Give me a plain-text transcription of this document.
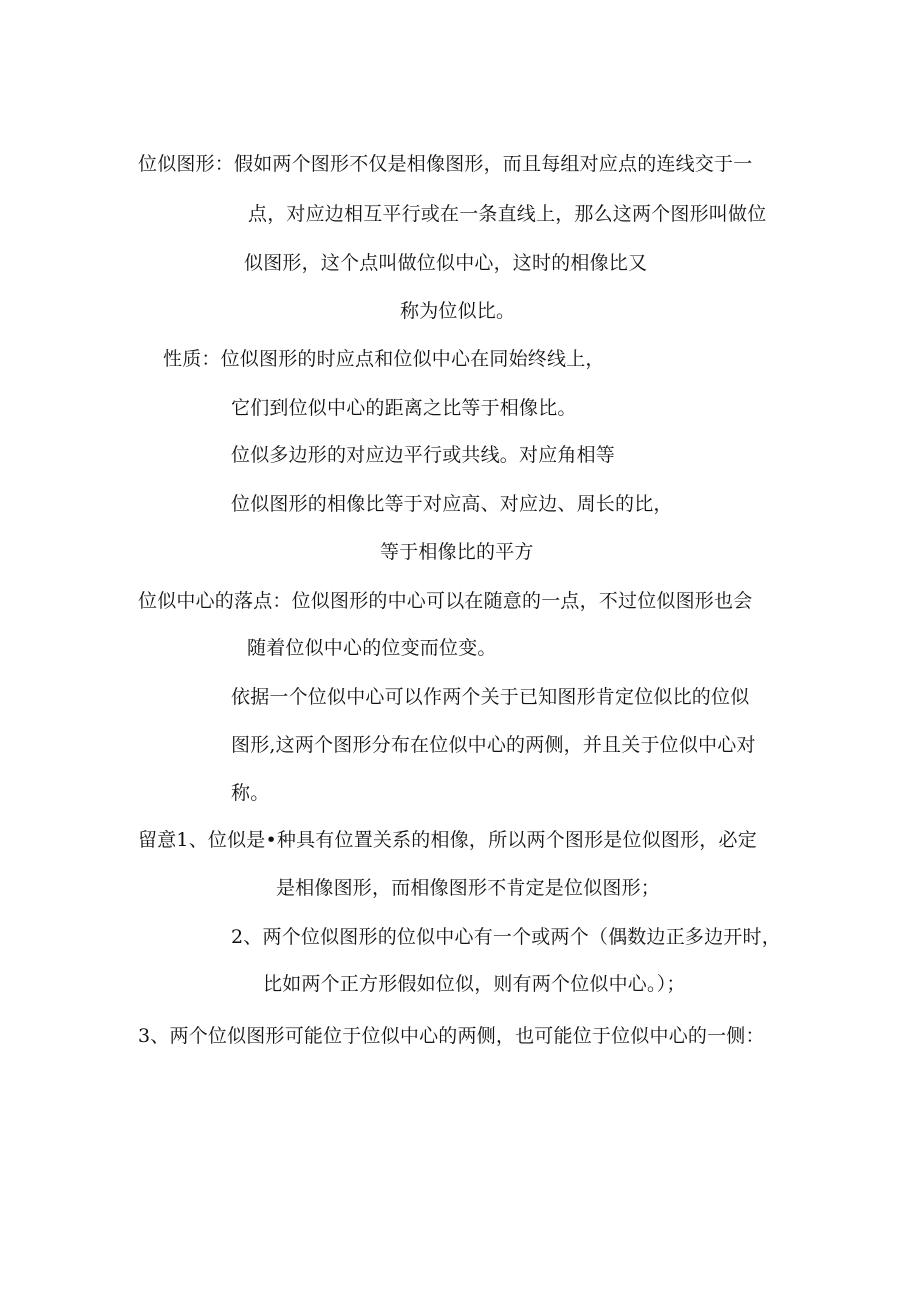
位似图形：假如两个图形不仅是相像图形，而且每组对应点的连线交于一
点，对应边相互平行或在一条直线上，那么这两个图形叫做位
似图形，这个点叫做位似中心，这时的相像比又
称为位似比。
性质：位似图形的时应点和位似中心在同始终线上，
它们到位似中心的距离之比等于相像比。
位似多边形的对应边平行或共线。对应角相等
位似图形的相像比等于对应高、对应边、周长的比，
等于相像比的平方
位似中心的落点：位似图形的中心可以在随意的一点，不过位似图形也会
随着位似中心的位变而位变。
依据一个位似中心可以作两个关于已知图形肯定位似比的位似
图形,这两个图形分布在位似中心的两侧，并且关于位似中心对
称。
留意1、位似是•种具有位置关系的相像，所以两个图形是位似图形，必定
是相像图形，而相像图形不肯定是位似图形；
2、两个位似图形的位似中心有一个或两个（偶数边正多边开时，
比如两个正方形假如位似，则有两个位似中心。）；
3、两个位似图形可能位于位似中心的两侧，也可能位于位似中心的一侧：
